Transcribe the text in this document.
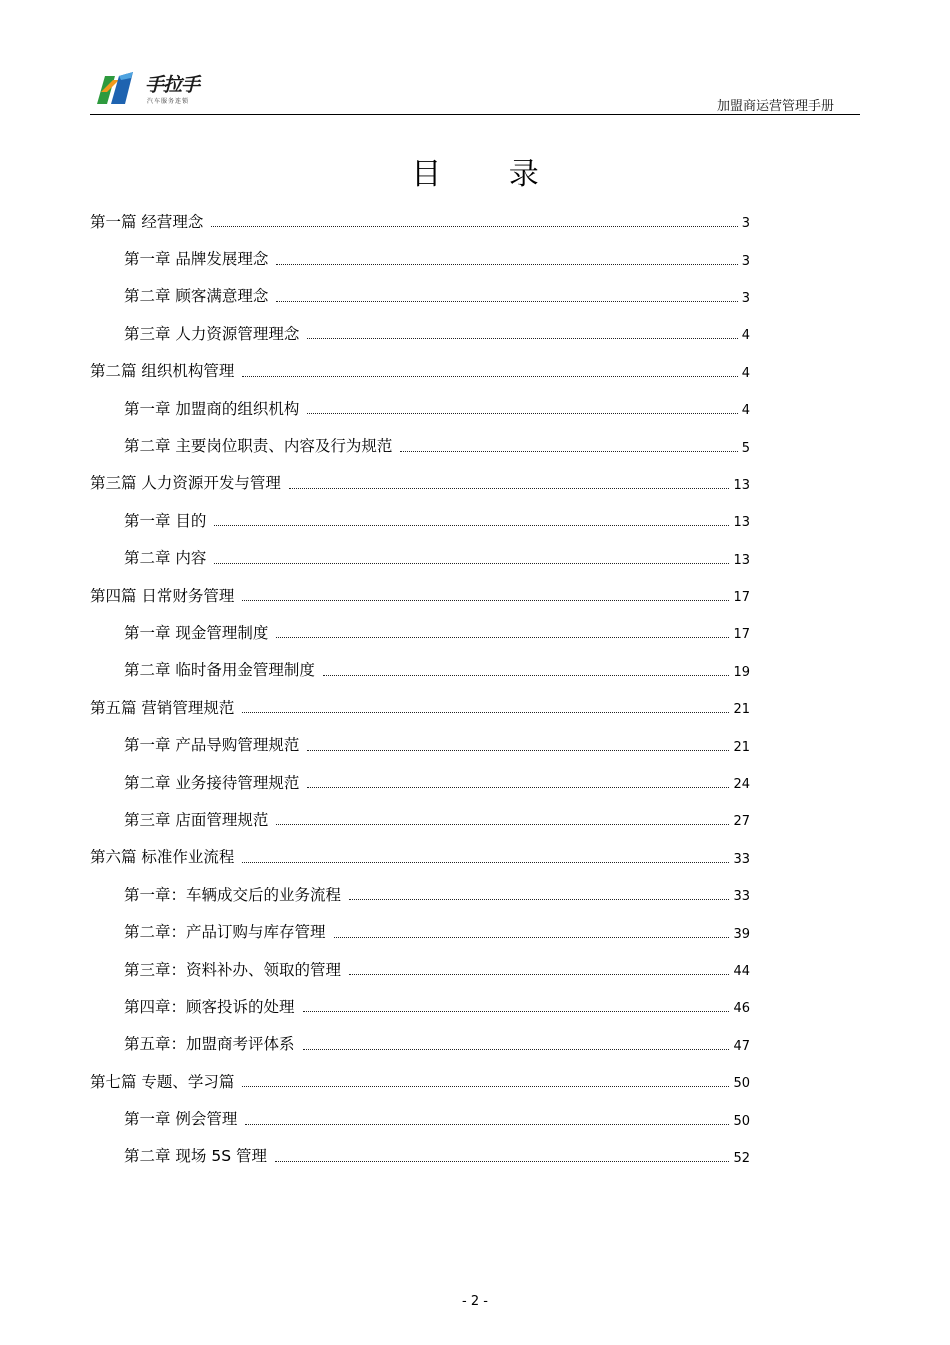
手拉手
汽车服务连锁	加盟商运营管理手册
目 录
第一篇 经营理念	3
第一章 品牌发展理念	3
第二章 顾客满意理念	3
第三章 人力资源管理理念	4
第二篇 组织机构管理	4
第一章 加盟商的组织机构	4
第二章 主要岗位职责、内容及行为规范	5
第三篇 人力资源开发与管理	13
第一章 目的	13
第二章 内容	13
第四篇 日常财务管理	17
第一章 现金管理制度	17
第二章 临时备用金管理制度	19
第五篇 营销管理规范	21
第一章 产品导购管理规范	21
第二章 业务接待管理规范	24
第三章 店面管理规范	27
第六篇 标准作业流程	33
第一章：车辆成交后的业务流程	33
第二章：产品订购与库存管理	39
第三章：资料补办、领取的管理	44
第四章：顾客投诉的处理	46
第五章：加盟商考评体系	47
第七篇 专题、学习篇	50
第一章 例会管理	50
第二章 现场 5S 管理	52
- 2 -
